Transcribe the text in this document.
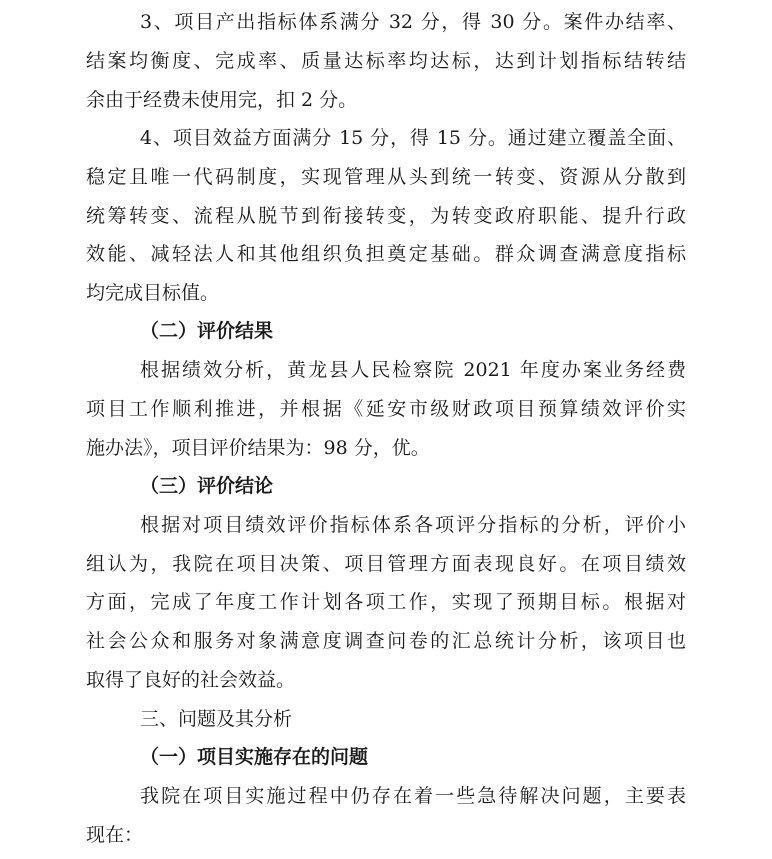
3、项目产出指标体系满分 32 分，得 30 分。案件办结率、
结案均衡度、完成率、质量达标率均达标，达到计划指标结转结
余由于经费未使用完，扣 2 分。
4、项目效益方面满分 15 分，得 15 分。通过建立覆盖全面、
稳定且唯一代码制度，实现管理从头到统一转变、资源从分散到
统筹转变、流程从脱节到衔接转变，为转变政府职能、提升行政
效能、减轻法人和其他组织负担奠定基础。群众调查满意度指标
均完成目标值。
（二）评价结果
根据绩效分析，黄龙县人民检察院 2021 年度办案业务经费
项目工作顺利推进，并根据《延安市级财政项目预算绩效评价实
施办法》，项目评价结果为：98 分，优。
（三）评价结论
根据对项目绩效评价指标体系各项评分指标的分析，评价小
组认为，我院在项目决策、项目管理方面表现良好。在项目绩效
方面，完成了年度工作计划各项工作，实现了预期目标。根据对
社会公众和服务对象满意度调查问卷的汇总统计分析，该项目也
取得了良好的社会效益。
三、问题及其分析
（一）项目实施存在的问题
我院在项目实施过程中仍存在着一些急待解决问题，主要表
现在：
